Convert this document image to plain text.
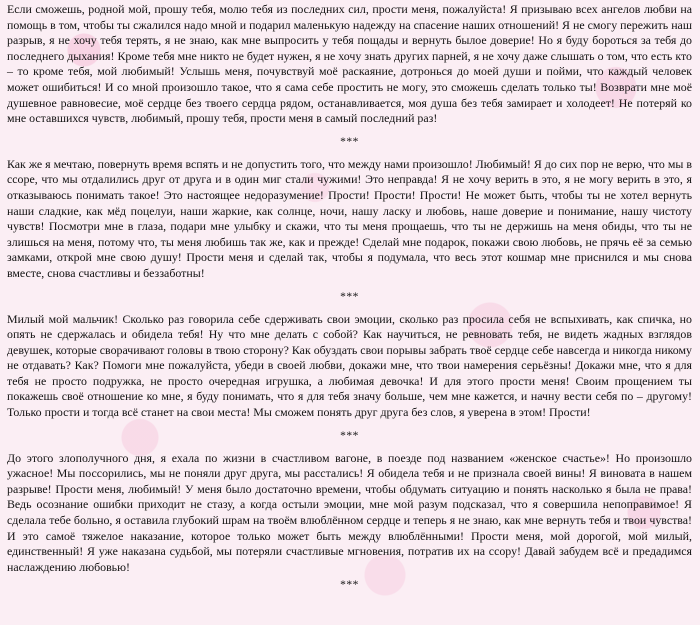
Если сможешь, родной мой, прошу тебя, молю тебя из последних сил, прости меня, пожалуйста! Я призываю всех ангелов любви на помощь в том, чтобы ты сжалился надо мной и подарил маленькую надежду на спасение наших отношений! Я не смогу пережить наш разрыв, я не хочу тебя терять, я не знаю, как мне выпросить у тебя пощады и вернуть былое доверие! Но я буду бороться за тебя до последнего дыхания! Кроме тебя мне никто не будет нужен, я не хочу знать других парней, я не хочу даже слышать о том, что есть кто – то кроме тебя, мой любимый! Услышь меня, почувствуй моё раскаяние, дотронься до моей души и пойми, что каждый человек может ошибиться! И со мной произошло такое, что я сама себе простить не могу, это сможешь сделать только ты! Возврати мне моё душевное равновесие, моё сердце без твоего сердца рядом, останавливается, моя душа без тебя замирает и холодеет! Не потеряй ко мне оставшихся чувств, любимый, прошу тебя, прости меня в самый последний раз!

***

Как же я мечтаю, повернуть время вспять и не допустить того, что между нами произошло! Любимый! Я до сих пор не верю, что мы в ссоре, что мы отдалились друг от друга и в один миг стали чужими! Это неправда! Я не хочу верить в это, я не могу верить в это, я отказываюсь понимать такое! Это настоящее недоразумение! Прости! Прости! Прости! Не может быть, чтобы ты не хотел вернуть наши сладкие, как мёд поцелуи, наши жаркие, как солнце, ночи, нашу ласку и любовь, наше доверие и понимание, нашу чистоту чувств! Посмотри мне в глаза, подари мне улыбку и скажи, что ты меня прощаешь, что ты не держишь на меня обиды, что ты не злишься на меня, потому что, ты меня любишь так же, как и прежде! Сделай мне подарок, покажи свою любовь, не прячь её за семью замками, открой мне свою душу! Прости меня и сделай так, чтобы я подумала, что весь этот кошмар мне приснился и мы снова вместе, снова счастливы и беззаботны!

***

Милый мой мальчик! Сколько раз говорила себе сдерживать свои эмоции, сколько раз просила себя не вспыхивать, как спичка, но опять не сдержалась и обидела тебя! Ну что мне делать с собой? Как научиться, не ревновать тебя, не видеть жадных взглядов девушек, которые сворачивают головы в твою сторону? Как обуздать свои порывы забрать твоё сердце себе навсегда и никогда никому не отдавать? Как? Помоги мне пожалуйста, убеди в своей любви, докажи мне, что твои намерения серьёзны! Докажи мне, что я для тебя не просто подружка, не просто очередная игрушка, а любимая девочка! И для этого прости меня! Своим прощением ты покажешь своё отношение ко мне, я буду понимать, что я для тебя значу больше, чем мне кажется, и начну вести себя по – другому! Только прости и тогда всё станет на свои места! Мы сможем понять друг друга без слов, я уверена в этом! Прости!

***

До этого злополучного дня, я ехала по жизни в счастливом вагоне, в поезде под названием «женское счастье»! Но произошло ужасное! Мы поссорились, мы не поняли друг друга, мы расстались! Я обидела тебя и не признала своей вины! Я виновата в нашем разрыве! Прости меня, любимый! У меня было достаточно времени, чтобы обдумать ситуацию и понять насколько я была не права! Ведь осознание ошибки приходит не стазу, а когда остыли эмоции, мне мой разум подсказал, что я совершила непоправимое! Я сделала тебе больно, я оставила глубокий шрам на твоём влюблённом сердце и теперь я не знаю, как мне вернуть тебя и твои чувства! И это самоё тяжелое наказание, которое только может быть между влюблёнными! Прости меня, мой дорогой, мой милый, единственный! Я уже наказана судьбой, мы потеряли счастливые мгновения, потратив их на ссору! Давай забудем всё и предадимся наслаждению любовью!

***
